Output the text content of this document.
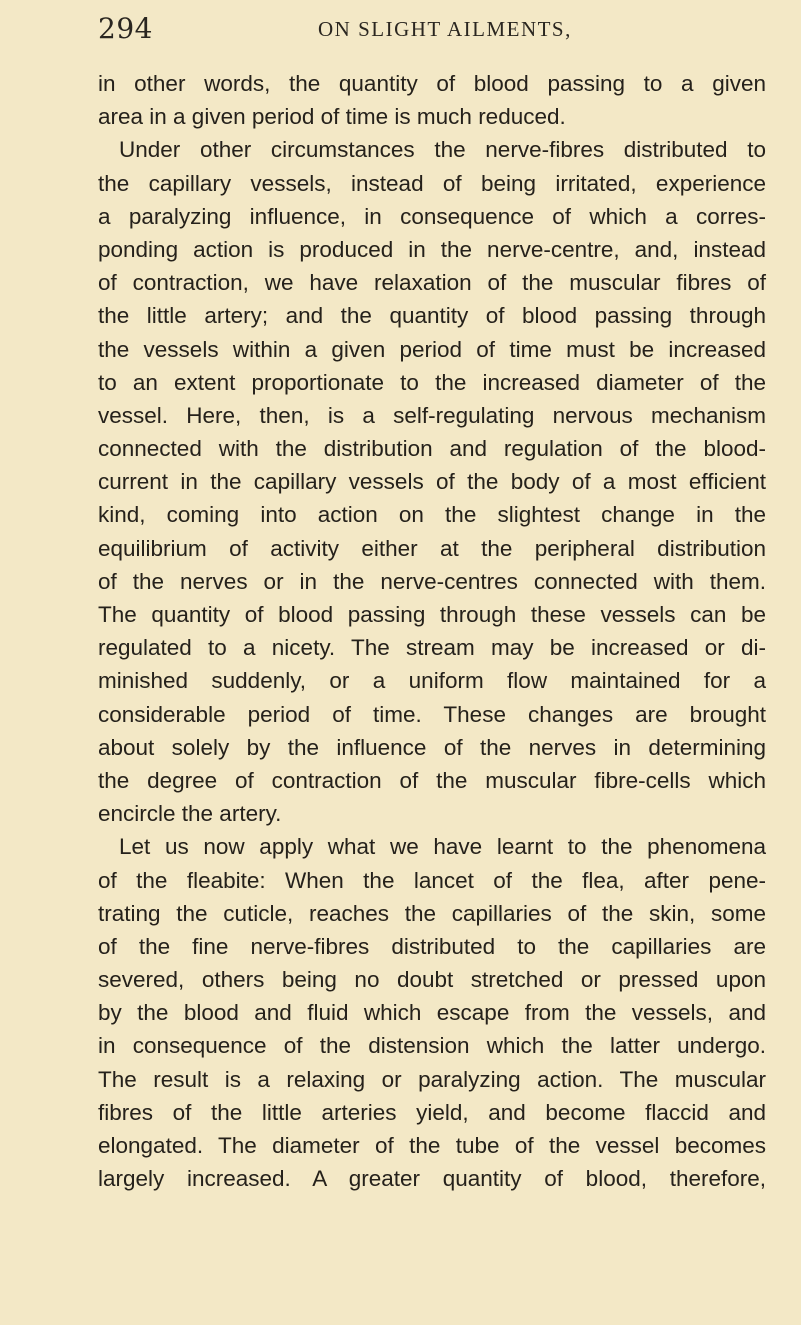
294	ON SLIGHT AILMENTS,
in other words, the quantity of blood passing to a given
area in a given period of time is much reduced.
Under other circumstances the nerve-fibres distributed to
the capillary vessels, instead of being irritated, experience
a paralyzing influence, in consequence of which a corres-
ponding action is produced in the nerve-centre, and, instead
of contraction, we have relaxation of the muscular fibres of
the little artery; and the quantity of blood passing through
the vessels within a given period of time must be increased
to an extent proportionate to the increased diameter of the
vessel. Here, then, is a self-regulating nervous mechanism
connected with the distribution and regulation of the blood-
current in the capillary vessels of the body of a most efficient
kind, coming into action on the slightest change in the
equilibrium of activity either at the peripheral distribution
of the nerves or in the nerve-centres connected with them.
The quantity of blood passing through these vessels can be
regulated to a nicety. The stream may be increased or di-
minished suddenly, or a uniform flow maintained for a
considerable period of time. These changes are brought
about solely by the influence of the nerves in determining
the degree of contraction of the muscular fibre-cells which
encircle the artery.
Let us now apply what we have learnt to the phenomena
of the fleabite: When the lancet of the flea, after pene-
trating the cuticle, reaches the capillaries of the skin, some
of the fine nerve-fibres distributed to the capillaries are
severed, others being no doubt stretched or pressed upon
by the blood and fluid which escape from the vessels, and
in consequence of the distension which the latter undergo.
The result is a relaxing or paralyzing action. The muscular
fibres of the little arteries yield, and become flaccid and
elongated. The diameter of the tube of the vessel becomes
largely increased. A greater quantity of blood, therefore,
